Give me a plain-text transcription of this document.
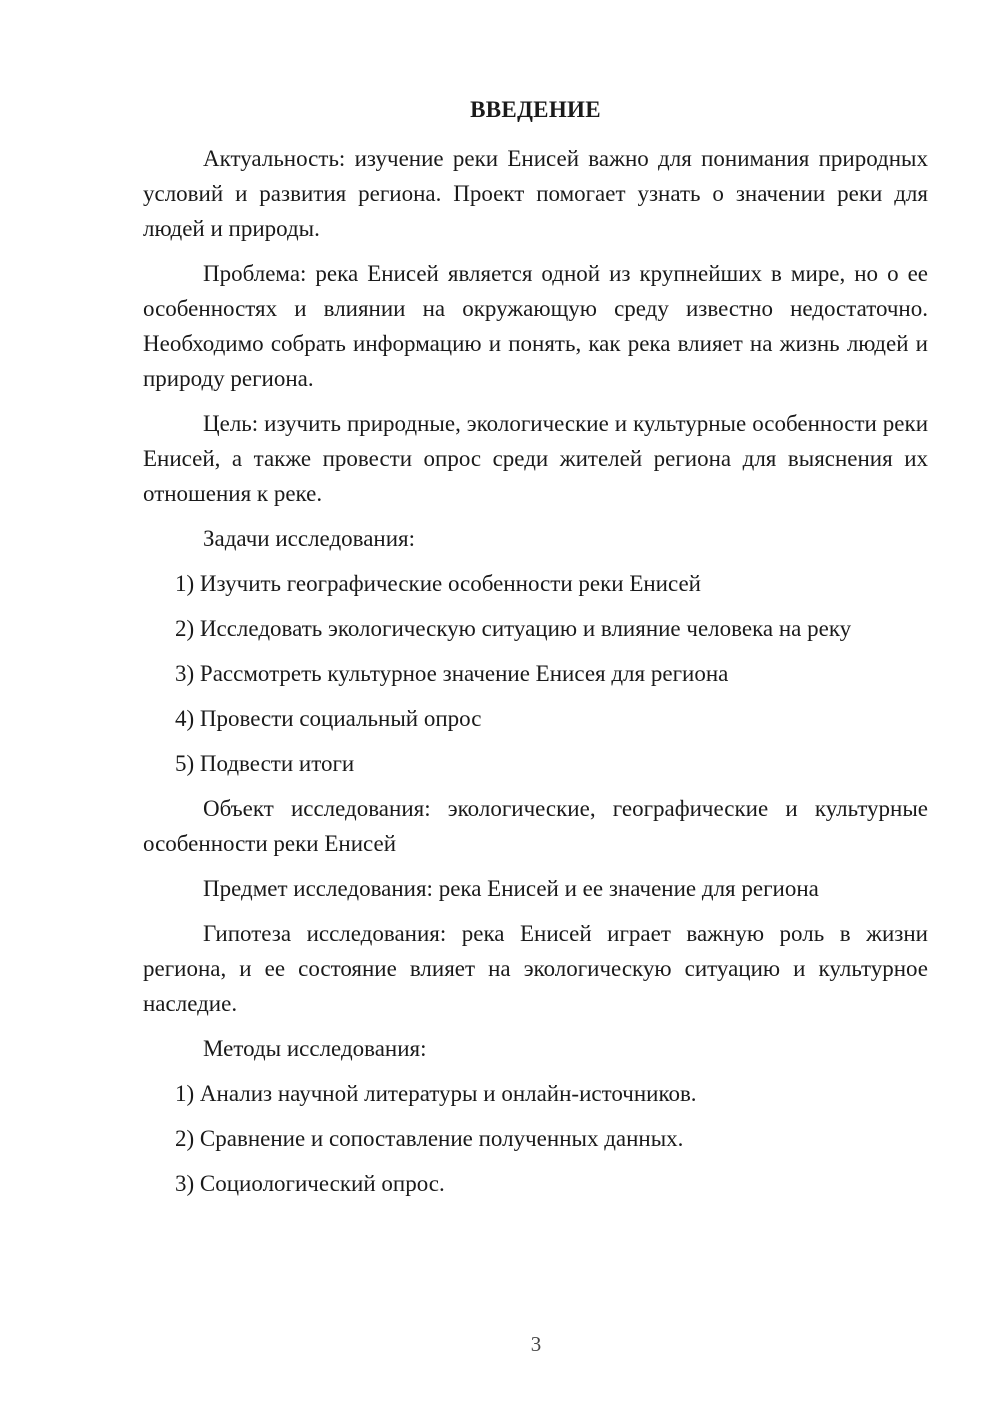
ВВЕДЕНИЕ

Актуальность: изучение реки Енисей важно для понимания природных условий и развития региона. Проект помогает узнать о значении реки для людей и природы.

Проблема: река Енисей является одной из крупнейших в мире, но о ее особенностях и влиянии на окружающую среду известно недостаточно. Необходимо собрать информацию и понять, как река влияет на жизнь людей и природу региона.

Цель: изучить природные, экологические и культурные особенности реки Енисей, а также провести опрос среди жителей региона для выяснения их отношения к реке.

Задачи исследования:
1) Изучить географические особенности реки Енисей
2) Исследовать экологическую ситуацию и влияние человека на реку
3) Рассмотреть культурное значение Енисея для региона
4) Провести социальный опрос
5) Подвести итоги

Объект исследования: экологические, географические и культурные особенности реки Енисей

Предмет исследования: река Енисей и ее значение для региона

Гипотеза исследования: река Енисей играет важную роль в жизни региона, и ее состояние влияет на экологическую ситуацию и культурное наследие.

Методы исследования:
1) Анализ научной литературы и онлайн-источников.
2) Сравнение и сопоставление полученных данных.
3) Социологический опрос.
3
